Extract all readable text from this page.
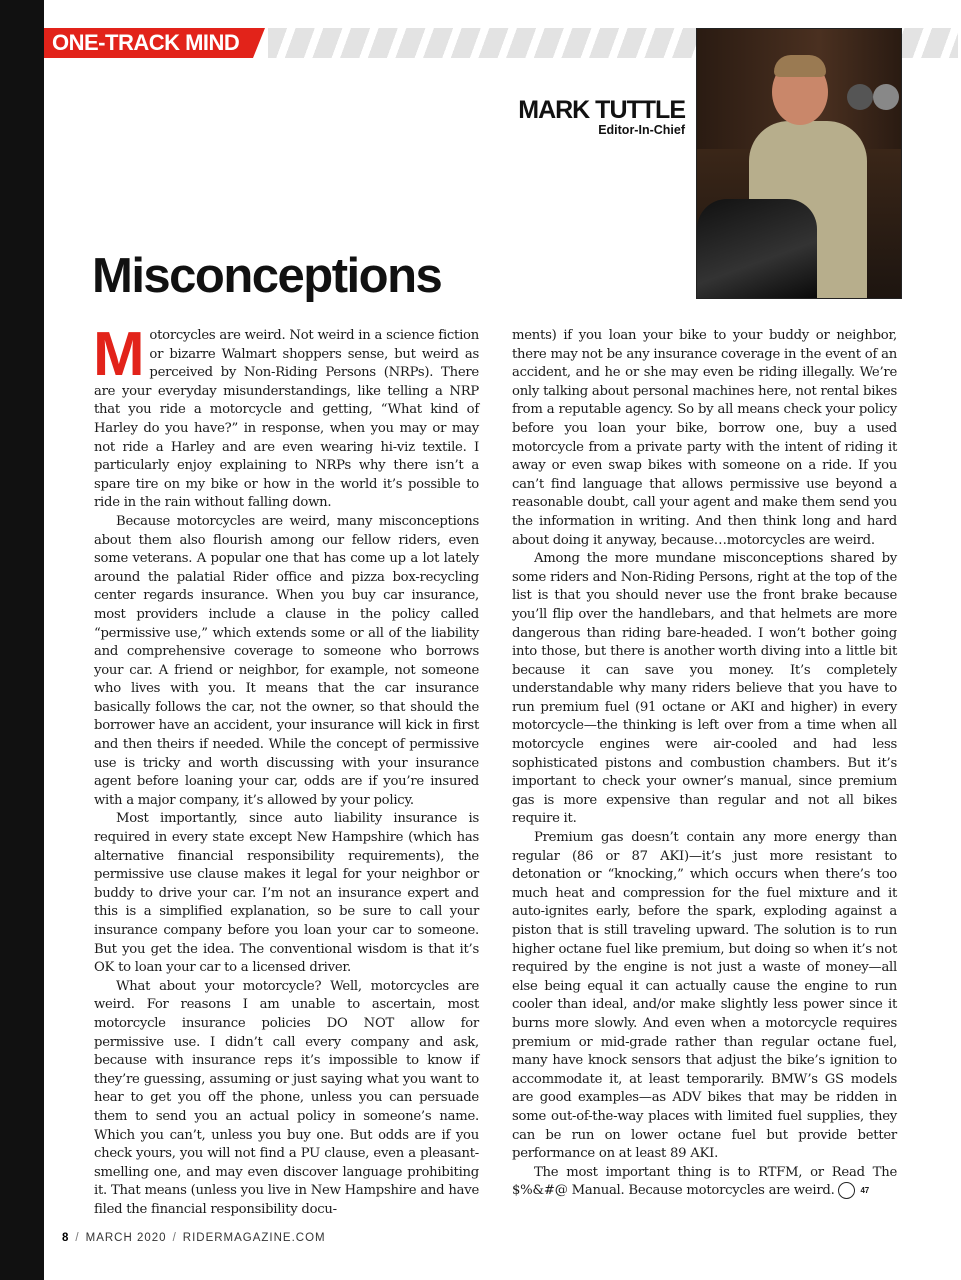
ONE-TRACK MIND
MARK TUTTLE
Editor-In-Chief
Misconceptions

Motorcycles are weird. Not weird in a science fiction or bizarre Walmart shoppers sense, but weird as perceived by Non-Riding Persons (NRPs). There are your everyday misunderstandings, like telling a NRP that you ride a motorcycle and getting, “What kind of Harley do you have?” in response, when you may or may not ride a Harley and are even wearing hi-viz textile. I particularly enjoy explaining to NRPs why there isn’t a spare tire on my bike or how in the world it’s possible to ride in the rain without falling down.

Because motorcycles are weird, many misconceptions about them also flourish among our fellow riders, even some veterans. A popular one that has come up a lot lately around the palatial Rider office and pizza box-recycling center regards insurance. When you buy car insurance, most providers include a clause in the policy called “permissive use,” which extends some or all of the liability and comprehensive coverage to someone who borrows your car. A friend or neighbor, for example, not someone who lives with you. It means that the car insurance basically follows the car, not the owner, so that should the borrower have an accident, your insurance will kick in first and then theirs if needed. While the concept of permissive use is tricky and worth discussing with your insurance agent before loaning your car, odds are if you’re insured with a major company, it’s allowed by your policy.

Most importantly, since auto liability insurance is required in every state except New Hampshire (which has alternative financial responsibility requirements), the permissive use clause makes it legal for your neighbor or buddy to drive your car. I’m not an insurance expert and this is a simplified explanation, so be sure to call your insurance company before you loan your car to someone. But you get the idea. The conventional wisdom is that it’s OK to loan your car to a licensed driver.

What about your motorcycle? Well, motorcycles are weird. For reasons I am unable to ascertain, most motorcycle insurance policies DO NOT allow for permissive use. I didn’t call every company and ask, because with insurance reps it’s impossible to know if they’re guessing, assuming or just saying what you want to hear to get you off the phone, unless you can persuade them to send you an actual policy in someone’s name. Which you can’t, unless you buy one. But odds are if you check yours, you will not find a PU clause, even a pleasant-smelling one, and may even discover language prohibiting it. That means (unless you live in New Hampshire and have filed the financial responsibility docu-

ments) if you loan your bike to your buddy or neighbor, there may not be any insurance coverage in the event of an accident, and he or she may even be riding illegally. We’re only talking about personal machines here, not rental bikes from a reputable agency. So by all means check your policy before you loan your bike, borrow one, buy a used motorcycle from a private party with the intent of riding it away or even swap bikes with someone on a ride. If you can’t find language that allows permissive use beyond a reasonable doubt, call your agent and make them send you the information in writing. And then think long and hard about doing it anyway, because…motorcycles are weird.

Among the more mundane misconceptions shared by some riders and Non-Riding Persons, right at the top of the list is that you should never use the front brake because you’ll flip over the handlebars, and that helmets are more dangerous than riding bare-headed. I won’t bother going into those, but there is another worth diving into a little bit because it can save you money. It’s completely understandable why many riders believe that you have to run premium fuel (91 octane or AKI and higher) in every motorcycle—the thinking is left over from a time when all motorcycle engines were air-cooled and had less sophisticated pistons and combustion chambers. But it’s important to check your owner’s manual, since premium gas is more expensive than regular and not all bikes require it.

Premium gas doesn’t contain any more energy than regular (86 or 87 AKI)—it’s just more resistant to detonation or “knocking,” which occurs when there’s too much heat and compression for the fuel mixture and it auto-ignites early, before the spark, exploding against a piston that is still traveling upward. The solution is to run higher octane fuel like premium, but doing so when it’s not required by the engine is not just a waste of money—all else being equal it can actually cause the engine to run cooler than ideal, and/or make slightly less power since it burns more slowly. And even when a motorcycle requires premium or mid-grade rather than regular octane fuel, many have knock sensors that adjust the bike’s ignition to accommodate it, at least temporarily. BMW’s GS models are good examples—as ADV bikes that may be ridden in some out-of-the-way places with limited fuel supplies, they can be run on lower octane fuel but provide better performance on at least 89 AKI.

The most important thing is to RTFM, or Read The $%&#@ Manual. Because motorcycles are weird.	47

8 / MARCH 2020 / RIDERMAGAZINE.COM
